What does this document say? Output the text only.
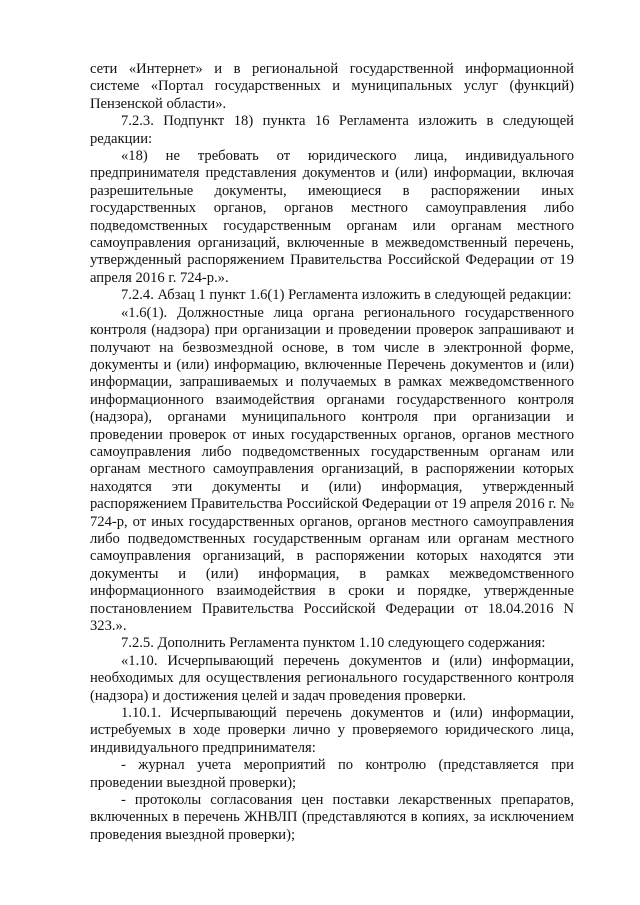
сети «Интернет» и в региональной государственной информационной системе «Портал государственных и муниципальных услуг (функций) Пензенской области».

7.2.3. Подпункт 18) пункта 16 Регламента изложить в следующей редакции:

«18) не требовать от юридического лица, индивидуального предпринимателя представления документов и (или) информации, включая разрешительные документы, имеющиеся в распоряжении иных государственных органов, органов местного самоуправления либо подведомственных государственным органам или органам местного самоуправления организаций, включенные в межведомственный перечень, утвержденный распоряжением Правительства Российской Федерации от 19 апреля 2016 г. 724-р.».

7.2.4. Абзац 1 пункт 1.6(1) Регламента изложить в следующей редакции:

«1.6(1). Должностные лица органа регионального государственного контроля (надзора) при организации и проведении проверок запрашивают и получают на безвозмездной основе, в том числе в электронной форме, документы и (или) информацию, включенные Перечень документов и (или) информации, запрашиваемых и получаемых в рамках межведомственного информационного взаимодействия органами государственного контроля (надзора), органами муниципального контроля при организации и проведении проверок от иных государственных органов, органов местного самоуправления либо подведомственных государственным органам или органам местного самоуправления организаций, в распоряжении которых находятся эти документы и (или) информация, утвержденный распоряжением Правительства Российской Федерации от 19 апреля 2016 г. № 724-р, от иных государственных органов, органов местного самоуправления либо подведомственных государственным органам или органам местного самоуправления организаций, в распоряжении которых находятся эти документы и (или) информация, в рамках межведомственного информационного взаимодействия в сроки и порядке, утвержденные постановлением Правительства Российской Федерации от 18.04.2016 N 323.».

7.2.5. Дополнить Регламента пунктом 1.10 следующего содержания:

«1.10. Исчерпывающий перечень документов и (или) информации, необходимых для осуществления регионального государственного контроля (надзора) и достижения целей и задач проведения проверки.

1.10.1. Исчерпывающий перечень документов и (или) информации, истребуемых в ходе проверки лично у проверяемого юридического лица, индивидуального предпринимателя:

- журнал учета мероприятий по контролю (представляется при проведении выездной проверки);

- протоколы согласования цен поставки лекарственных препаратов, включенных в перечень ЖНВЛП (представляются в копиях, за исключением проведения выездной проверки);
